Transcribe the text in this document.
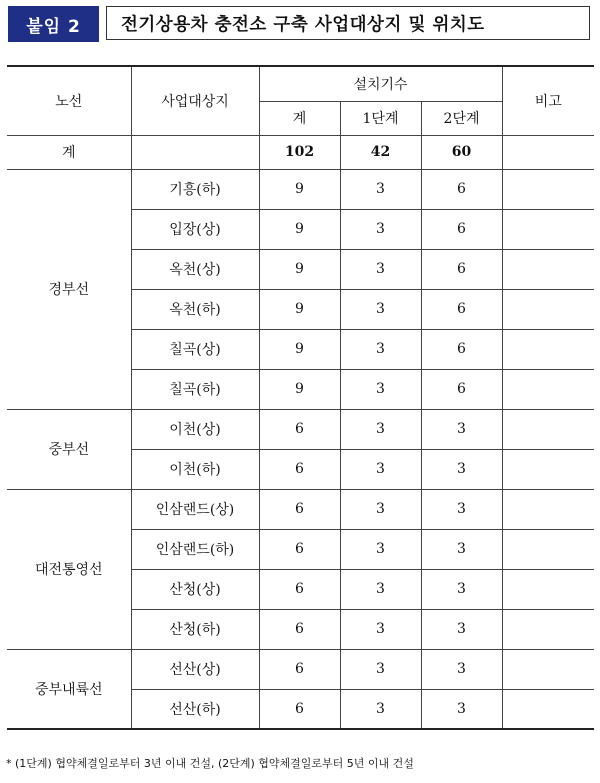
붙임 2	전기상용차 충전소 구축 사업대상지 및 위치도
노선	사업대상지	설치기수			비고
		계	1단계	2단계	
계		102	42	60	
경부선	기흥(하)	9	3	6	
	입장(상)	9	3	6	
	옥천(상)	9	3	6	
	옥천(하)	9	3	6	
	칠곡(상)	9	3	6	
	칠곡(하)	9	3	6	
중부선	이천(상)	6	3	3	
	이천(하)	6	3	3	
대전통영선	인삼랜드(상)	6	3	3	
	인삼랜드(하)	6	3	3	
	산청(상)	6	3	3	
	산청(하)	6	3	3	
중부내륙선	선산(상)	6	3	3	
	선산(하)	6	3	3	
* (1단계) 협약체결일로부터 3년 이내 건설, (2단계) 협약체결일로부터 5년 이내 건설
